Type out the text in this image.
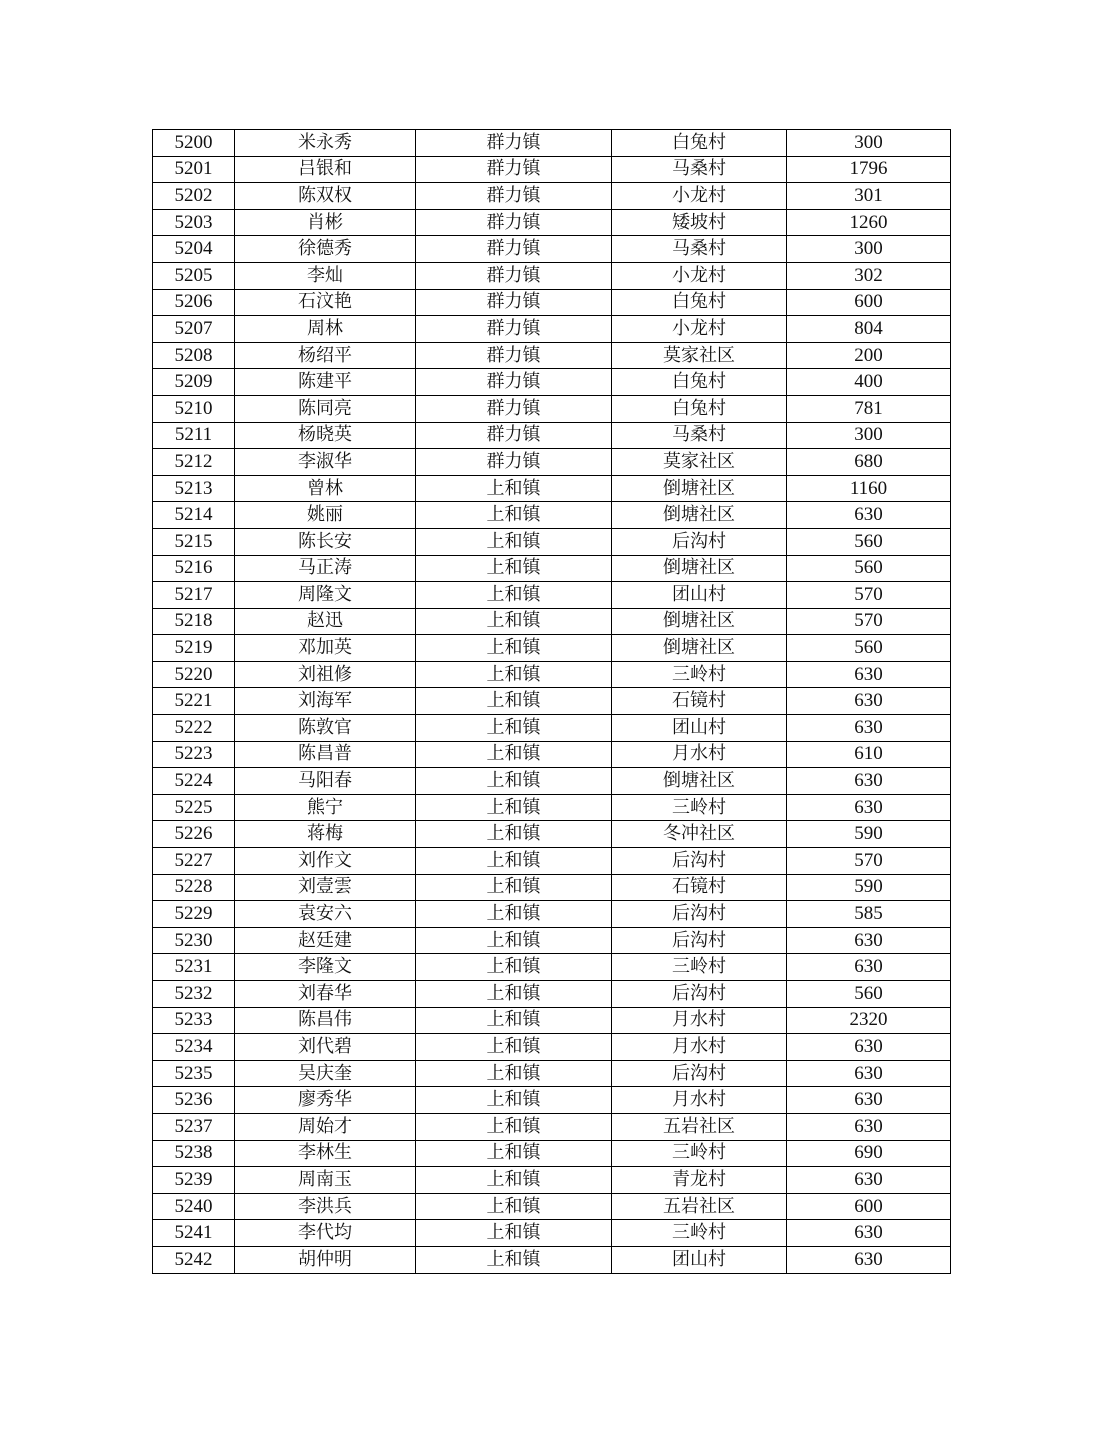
5200	米永秀	群力镇	白兔村	300
5201	吕银和	群力镇	马桑村	1796
5202	陈双权	群力镇	小龙村	301
5203	肖彬	群力镇	矮坡村	1260
5204	徐德秀	群力镇	马桑村	300
5205	李灿	群力镇	小龙村	302
5206	石汶艳	群力镇	白兔村	600
5207	周林	群力镇	小龙村	804
5208	杨绍平	群力镇	莫家社区	200
5209	陈建平	群力镇	白兔村	400
5210	陈同亮	群力镇	白兔村	781
5211	杨晓英	群力镇	马桑村	300
5212	李淑华	群力镇	莫家社区	680
5213	曾林	上和镇	倒塘社区	1160
5214	姚丽	上和镇	倒塘社区	630
5215	陈长安	上和镇	后沟村	560
5216	马正涛	上和镇	倒塘社区	560
5217	周隆文	上和镇	团山村	570
5218	赵迅	上和镇	倒塘社区	570
5219	邓加英	上和镇	倒塘社区	560
5220	刘祖修	上和镇	三岭村	630
5221	刘海军	上和镇	石镜村	630
5222	陈敦官	上和镇	团山村	630
5223	陈昌普	上和镇	月水村	610
5224	马阳春	上和镇	倒塘社区	630
5225	熊宁	上和镇	三岭村	630
5226	蒋梅	上和镇	冬冲社区	590
5227	刘作文	上和镇	后沟村	570
5228	刘壹雲	上和镇	石镜村	590
5229	袁安六	上和镇	后沟村	585
5230	赵廷建	上和镇	后沟村	630
5231	李隆文	上和镇	三岭村	630
5232	刘春华	上和镇	后沟村	560
5233	陈昌伟	上和镇	月水村	2320
5234	刘代碧	上和镇	月水村	630
5235	吴庆奎	上和镇	后沟村	630
5236	廖秀华	上和镇	月水村	630
5237	周始才	上和镇	五岩社区	630
5238	李林生	上和镇	三岭村	690
5239	周南玉	上和镇	青龙村	630
5240	李洪兵	上和镇	五岩社区	600
5241	李代均	上和镇	三岭村	630
5242	胡仲明	上和镇	团山村	630
